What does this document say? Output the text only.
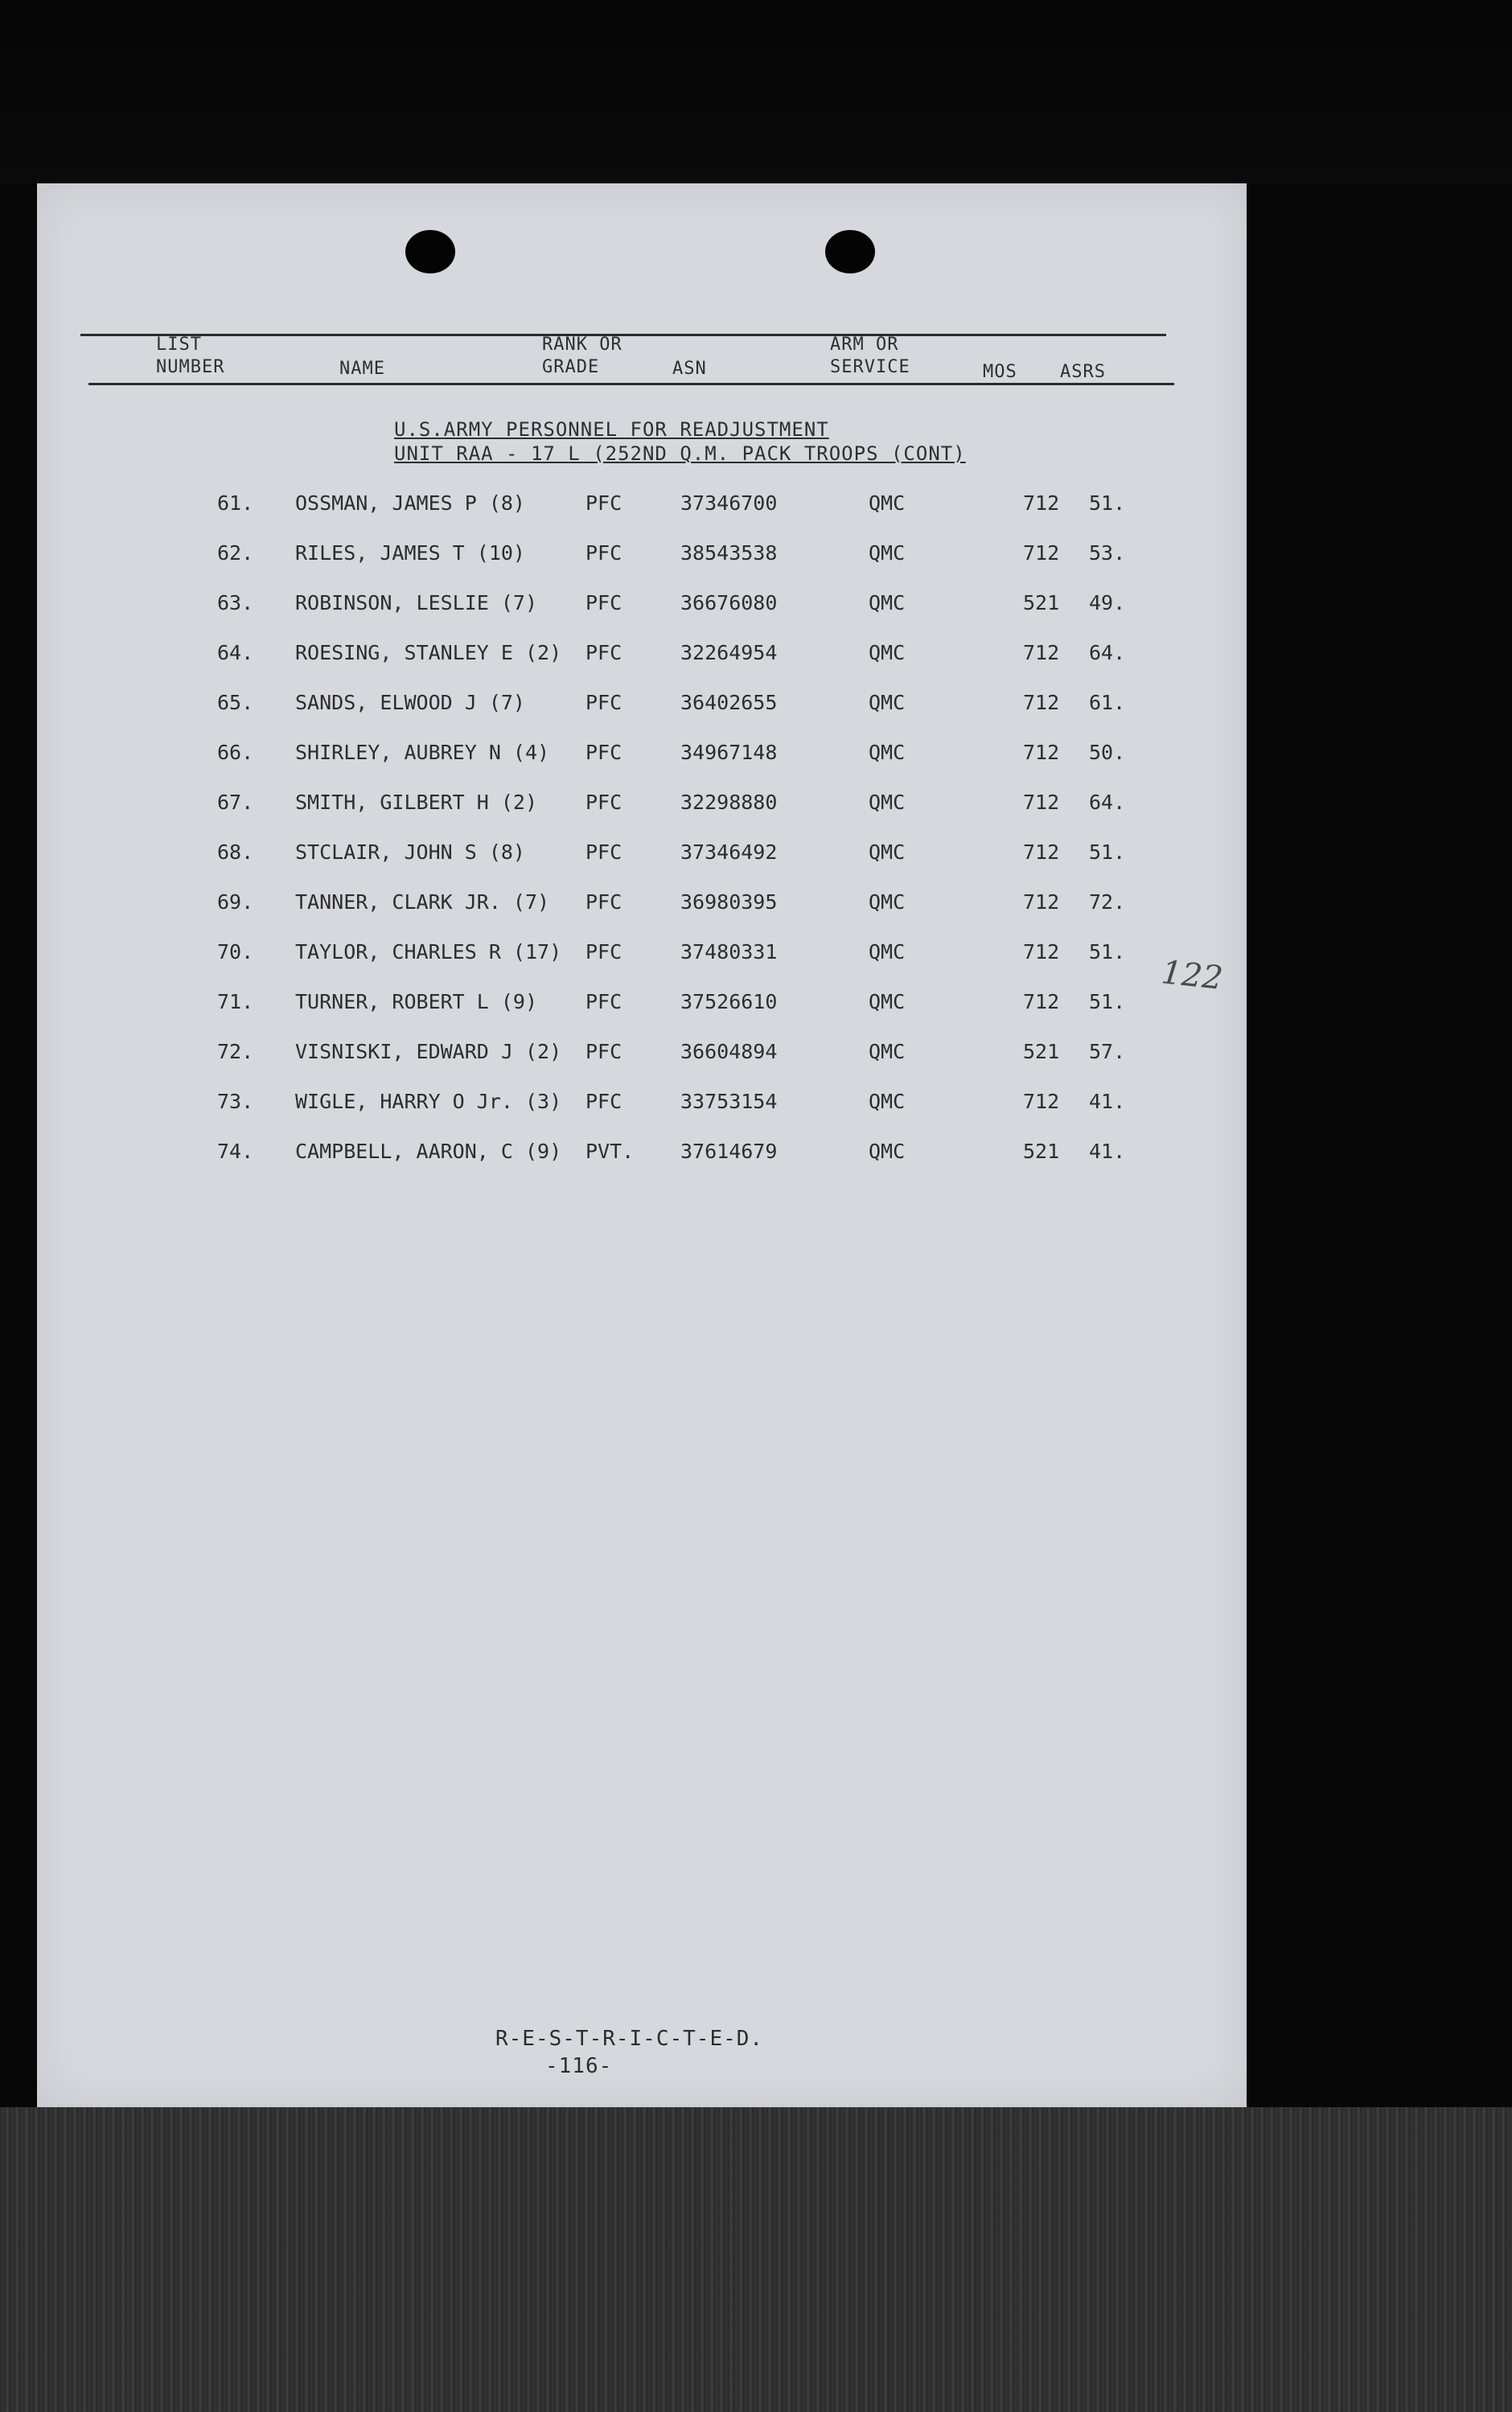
LIST
NUMBER	NAME
RANK OR
GRADE	ASN
ARM OR
SERVICE	MOS ASRS
U.S.ARMY PERSONNEL FOR READJUSTMENT
UNIT RAA - 17 L (252ND Q.M. PACK TROOPS (CONT)
61. OSSMAN, JAMES P (8)	PFC	37346700	QMC	712 51.
62. RILES, JAMES T (10)	PFC	38543538	QMC	712 53.
63. ROBINSON, LESLIE (7) PFC	36676080	QMC	521 49.
64. ROESING, STANLEY E (2) PFC	32264954	QMC	712 64.
65. SANDS, ELWOOD J (7)	PFC	36402655	QMC	712 61.
66. SHIRLEY, AUBREY N (4) PFC	34967148	QMC	712 50.
67. SMITH, GILBERT H (2) PFC	32298880	QMC	712 64.
68. STCLAIR, JOHN S (8)	PFC	37346492	QMC	712 51.
69. TANNER, CLARK JR. (7) PFC	36980395	QMC	712 72.
70. TAYLOR, CHARLES R (17) PFC	37480331	QMC	712 51.
71. TURNER, ROBERT L (9) PFC	37526610	QMC	712 51.
72. VISNISKI, EDWARD J (2) PFC	36604894	QMC	521 57.
73. WIGLE, HARRY O Jr. (3) PFC	33753154	QMC	712 41.
74. CAMPBELL, AARON, C (9) PVT. 37614679	QMC	521 41.
122
R-E-S-T-R-I-C-T-E-D.
-116-
